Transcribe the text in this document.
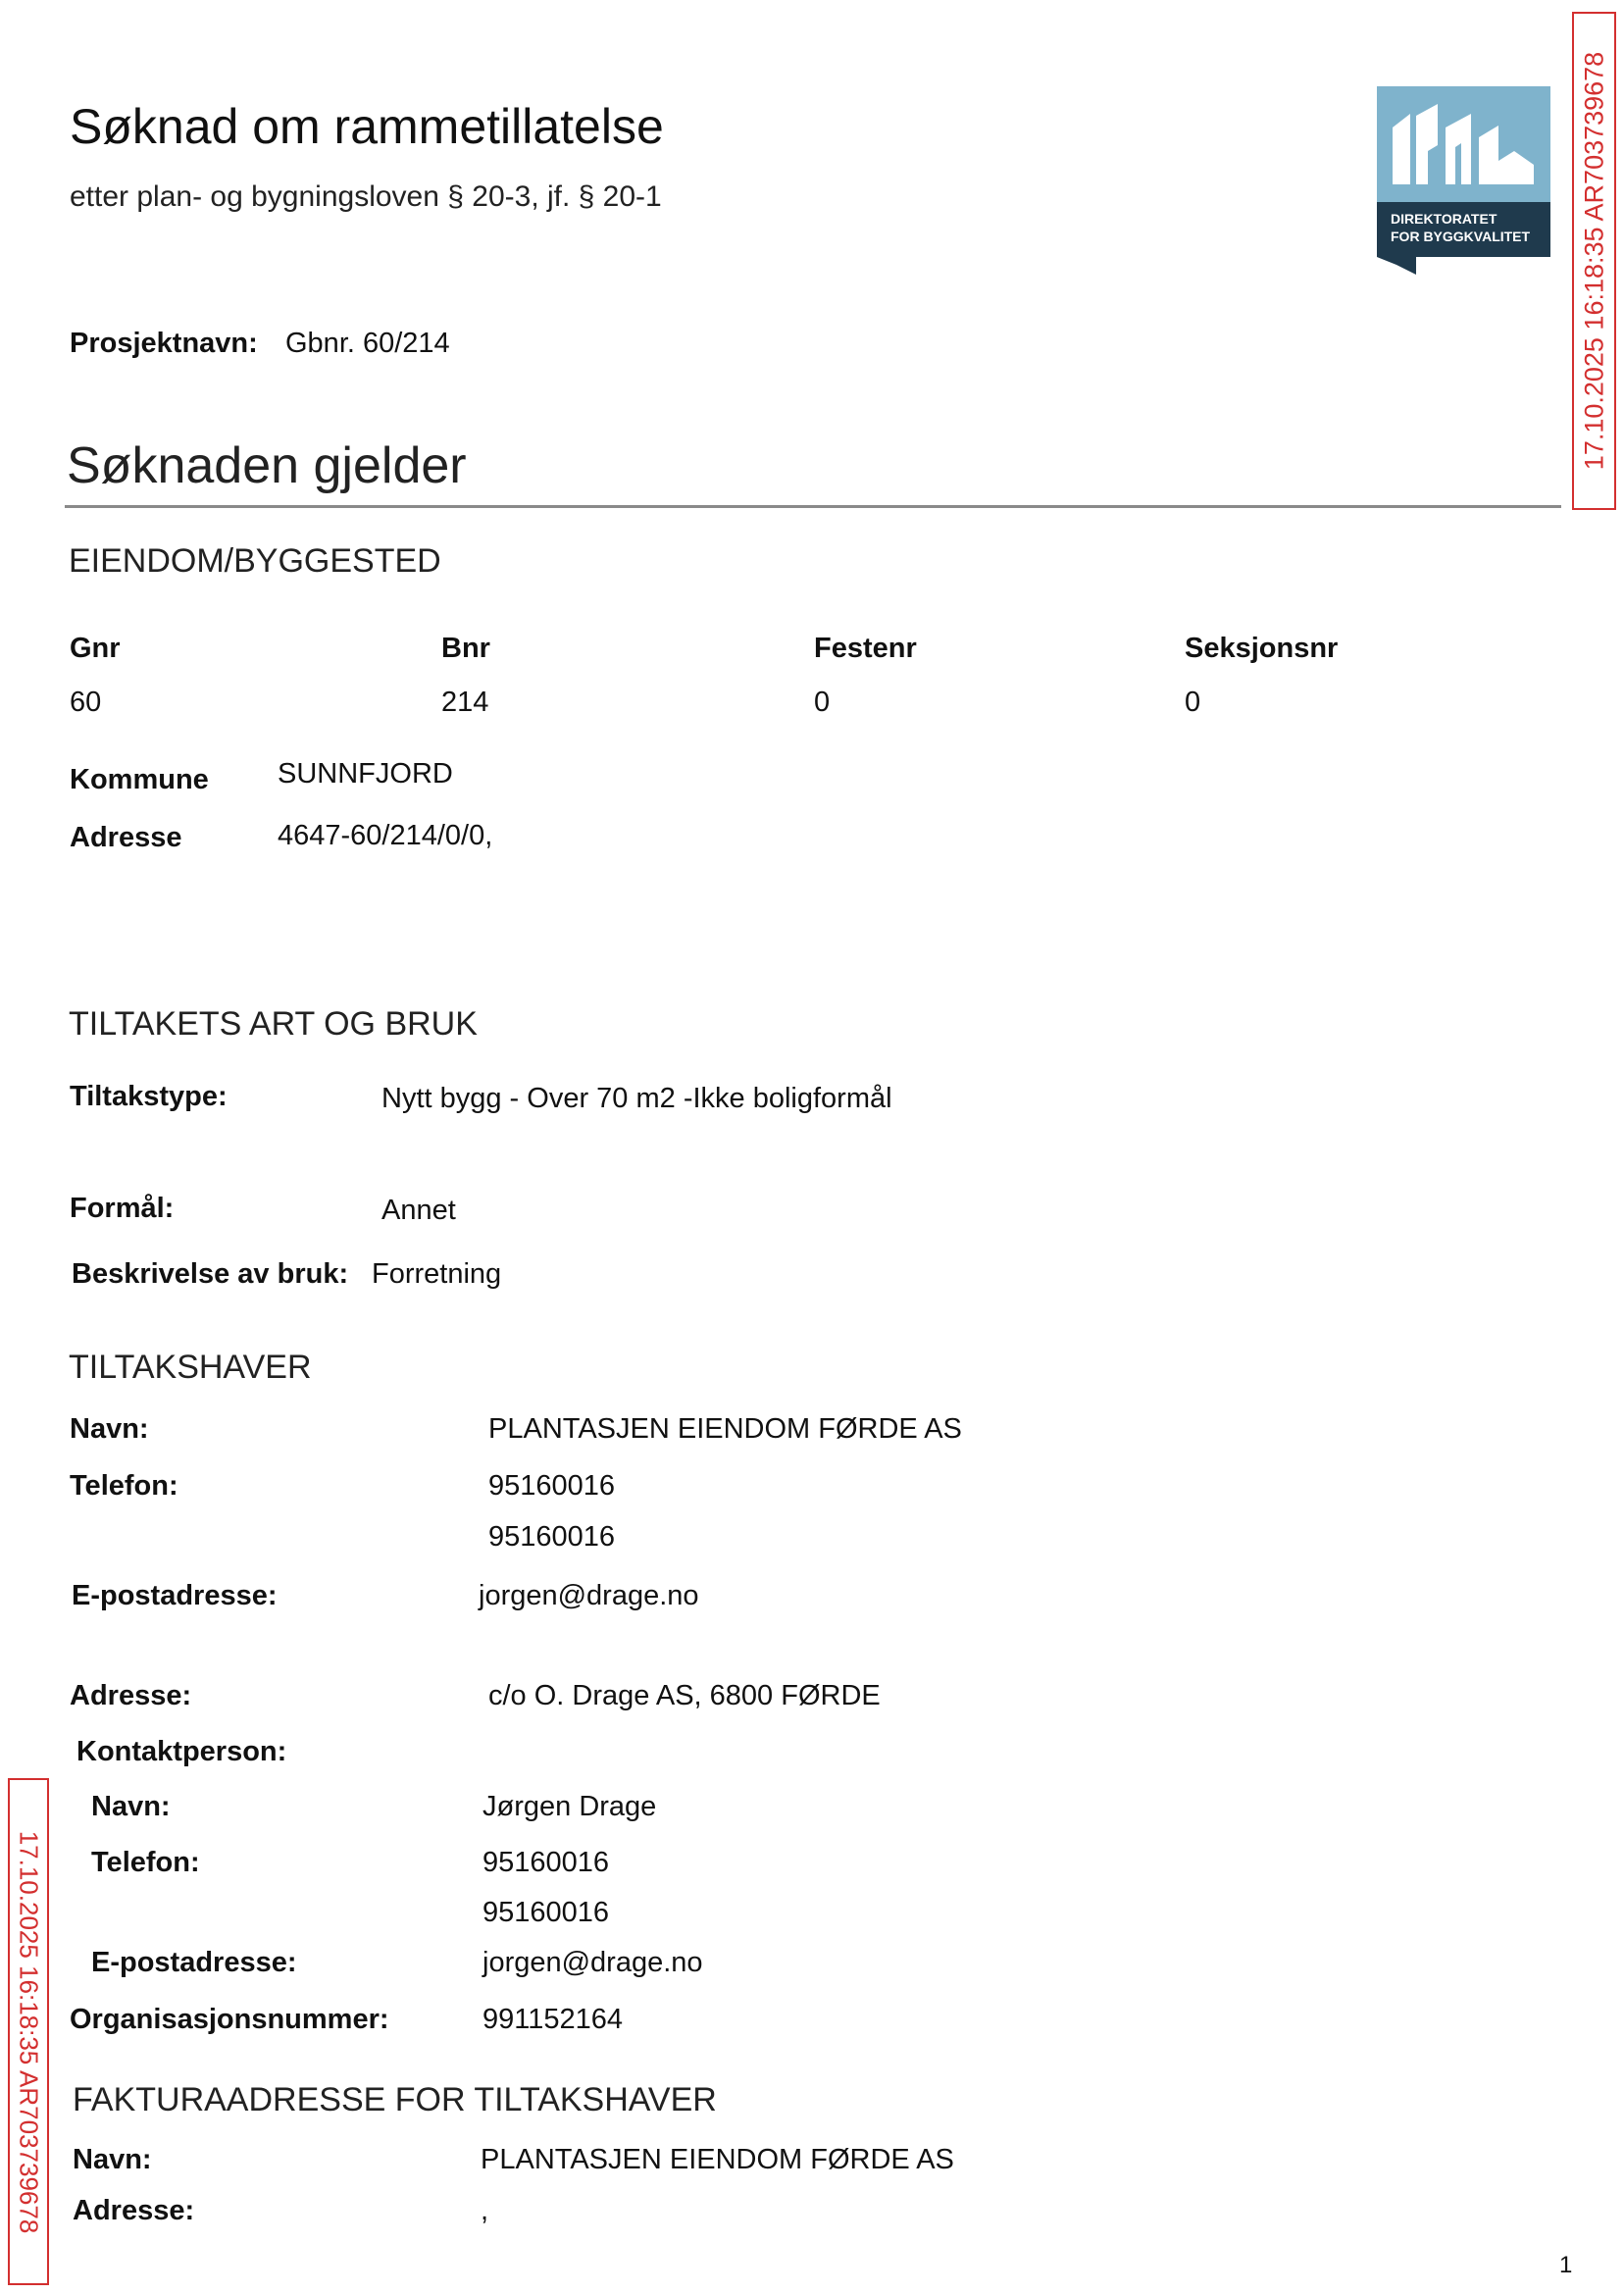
Søknad om rammetillatelse
etter plan- og bygningsloven § 20-3, jf. § 20-1
DIREKTORATET
FOR BYGGKVALITET 17.10.2025 16:18:35 AR703739678
Prosjektnavn: Gbnr. 60/214
Søknaden gjelder
EIENDOM/BYGGESTED
Gnr	Bnr	Festenr	Seksjonsnr
60	214	0	0
Kommune SUNNFJORD
Adresse	4647-60/214/0/0,
TILTAKETS ART OG BRUK
Tiltakstype:	Nytt bygg - Over 70 m2 -Ikke boligformål
Formål:	Annet
Beskrivelse av bruk: Forretning
TILTAKSHAVER
Navn:	PLANTASJEN EIENDOM FØRDE AS
Telefon:	95160016
95160016
E-postadresse:	jorgen@drage.no
Adresse:	c/o O. Drage AS, 6800 FØRDE
Kontaktperson:
Navn:	Jørgen Drage
Telefon:	95160016
95160016
E-postadresse:	jorgen@drage.no
Organisasjonsnummer:	991152164
FAKTURAADRESSE FOR TILTAKSHAVER
Navn:	PLANTASJEN EIENDOM FØRDE AS
Adresse:	,
17.10.2025 16:18:35 AR703739678
1
